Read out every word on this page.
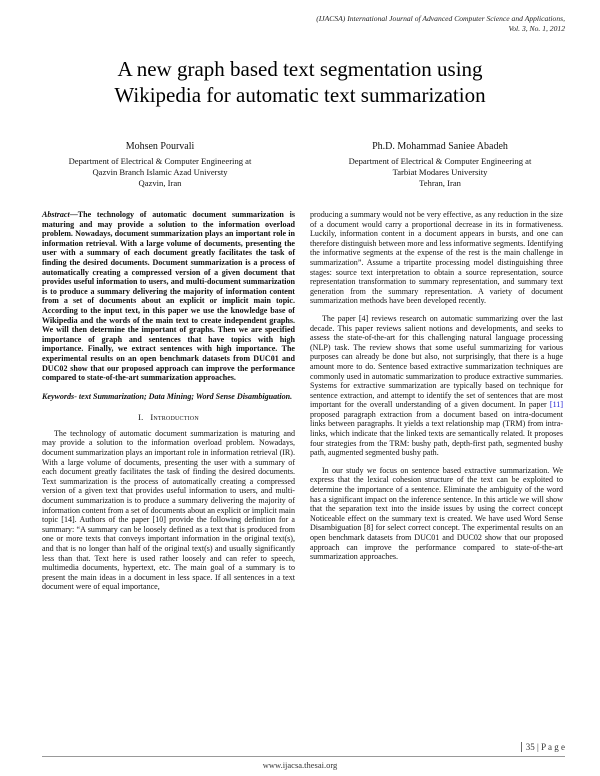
(IJACSA) International Journal of Advanced Computer Science and Applications,
Vol. 3, No. 1, 2012
A new graph based text segmentation using
Wikipedia for automatic text summarization
Mohsen Pourvali
Department of Electrical & Computer Engineering at
Qazvin Branch Islamic Azad Universty
Qazvin, Iran
Ph.D. Mohammad Saniee Abadeh
Department of Electrical & Computer Engineering at
Tarbiat Modares University
Tehran, Iran

Abstract—The technology of automatic document summarization is maturing and may provide a solution to the information overload problem. Nowadays, document summarization plays an important role in information retrieval. With a large volume of documents, presenting the user with a summary of each document greatly facilitates the task of finding the desired documents. Document summarization is a process of automatically creating a compressed version of a given document that provides useful information to users, and multi-document summarization is to produce a summary delivering the majority of information content from a set of documents about an explicit or implicit main topic. According to the input text, in this paper we use the knowledge base of Wikipedia and the words of the main text to create independent graphs. We will then determine the important of graphs. Then we are specified importance of graph and sentences that have topics with high importance. Finally, we extract sentences with high importance. The experimental results on an open benchmark datasets from DUC01 and DUC02 show that our proposed approach can improve the performance compared to state-of-the-art summarization approaches.

Keywords- text Summarization; Data Mining; Word Sense Disambiguation.

I. Introduction

The technology of automatic document summarization is maturing and may provide a solution to the information overload problem. Nowadays, document summarization plays an important role in information retrieval (IR). With a large volume of documents, presenting the user with a summary of each document greatly facilitates the task of finding the desired documents. Text summarization is the process of automatically creating a compressed version of a given text that provides useful information to users, and multi-document summarization is to produce a summary delivering the majority of information content from a set of documents about an explicit or implicit main topic [14]. Authors of the paper [10] provide the following definition for a summary: “A summary can be loosely defined as a text that is produced from one or more texts that conveys important information in the original text(s), and that is no longer than half of the original text(s) and usually significantly less than that. Text here is used rather loosely and can refer to speech, multimedia documents, hypertext, etc. The main goal of a summary is to present the main ideas in a document in less space. If all sentences in a text document were of equal importance,

producing a summary would not be very effective, as any reduction in the size of a document would carry a proportional decrease in its in formativeness. Luckily, information content in a document appears in bursts, and one can therefore distinguish between more and less informative segments. Identifying the informative segments at the expense of the rest is the main challenge in summarization”. Assume a tripartite processing model distinguishing three stages: source text interpretation to obtain a source representation, source representation transformation to summary representation, and summary text generation from the summary representation. A variety of document summarization methods have been developed recently.

The paper [4] reviews research on automatic summarizing over the last decade. This paper reviews salient notions and developments, and seeks to assess the state-of-the-art for this challenging natural language processing (NLP) task. The review shows that some useful summarizing for various purposes can already be done but also, not surprisingly, that there is a huge amount more to do. Sentence based extractive summarization techniques are commonly used in automatic summarization to produce extractive summaries. Systems for extractive summarization are typically based on technique for sentence extraction, and attempt to identify the set of sentences that are most important for the overall understanding of a given document. In paper [11] proposed paragraph extraction from a document based on intra-document links between paragraphs. It yields a text relationship map (TRM) from intra-links, which indicate that the linked texts are semantically related. It proposes four strategies from the TRM: bushy path, depth-first path, segmented bushy path, augmented segmented bushy path.

In our study we focus on sentence based extractive summarization. We express that the lexical cohesion structure of the text can be exploited to determine the importance of a sentence. Eliminate the ambiguity of the word has a significant impact on the inference sentence. In this article we will show that the separation text into the inside issues by using the correct concept Noticeable effect on the summary text is created. We have used Word Sense Disambiguation [8] for select correct concept. The experimental results on an open benchmark datasets from DUC01 and DUC02 show that our proposed approach can improve the performance compared to state-of-the-art summarization approaches.

35 | P a g e
www.ijacsa.thesai.org
